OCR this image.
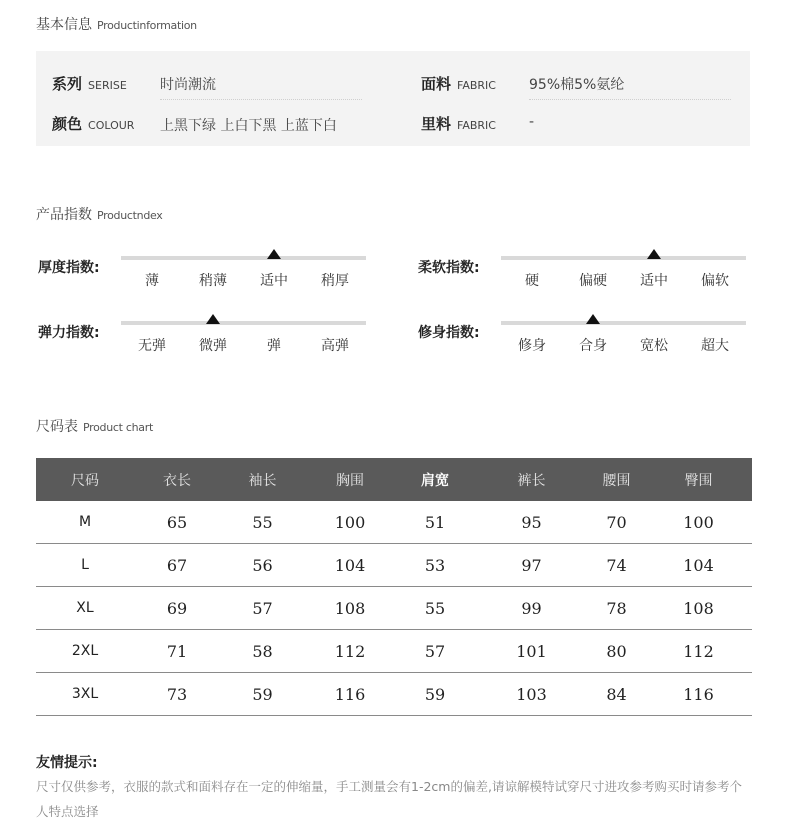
基本信息 Productinformation
系列 SERISE 时尚潮流	面料 FABRIC 95%棉5%氨纶
颜色 COLOUR 上黑下绿 上白下黑 上蓝下白	里料 FABRIC -
产品指数 Productndex
厚度指数:
薄	稍薄	适中	稍厚
柔软指数:
硬	偏硬	适中	偏软
弹力指数:
无弹	微弹	弹	高弹
修身指数:
修身	合身	宽松	超大
尺码表 Product chart
尺码	衣长	袖长	胸围	肩宽	裤长	腰围	臀围
M	65	55	100	51	95	70	100
L	67	56	104	53	97	74	104
XL	69	57	108	55	99	78	108
2XL	71	58	112	57	101	80	112
3XL	73	59	116	59	103	84	116
友情提示:
尺寸仅供参考，衣服的款式和面料存在一定的伸缩量，手工测量会有1-2cm的偏差,请谅解模特试穿尺寸进攻参考购买时请参考个人特点选择
